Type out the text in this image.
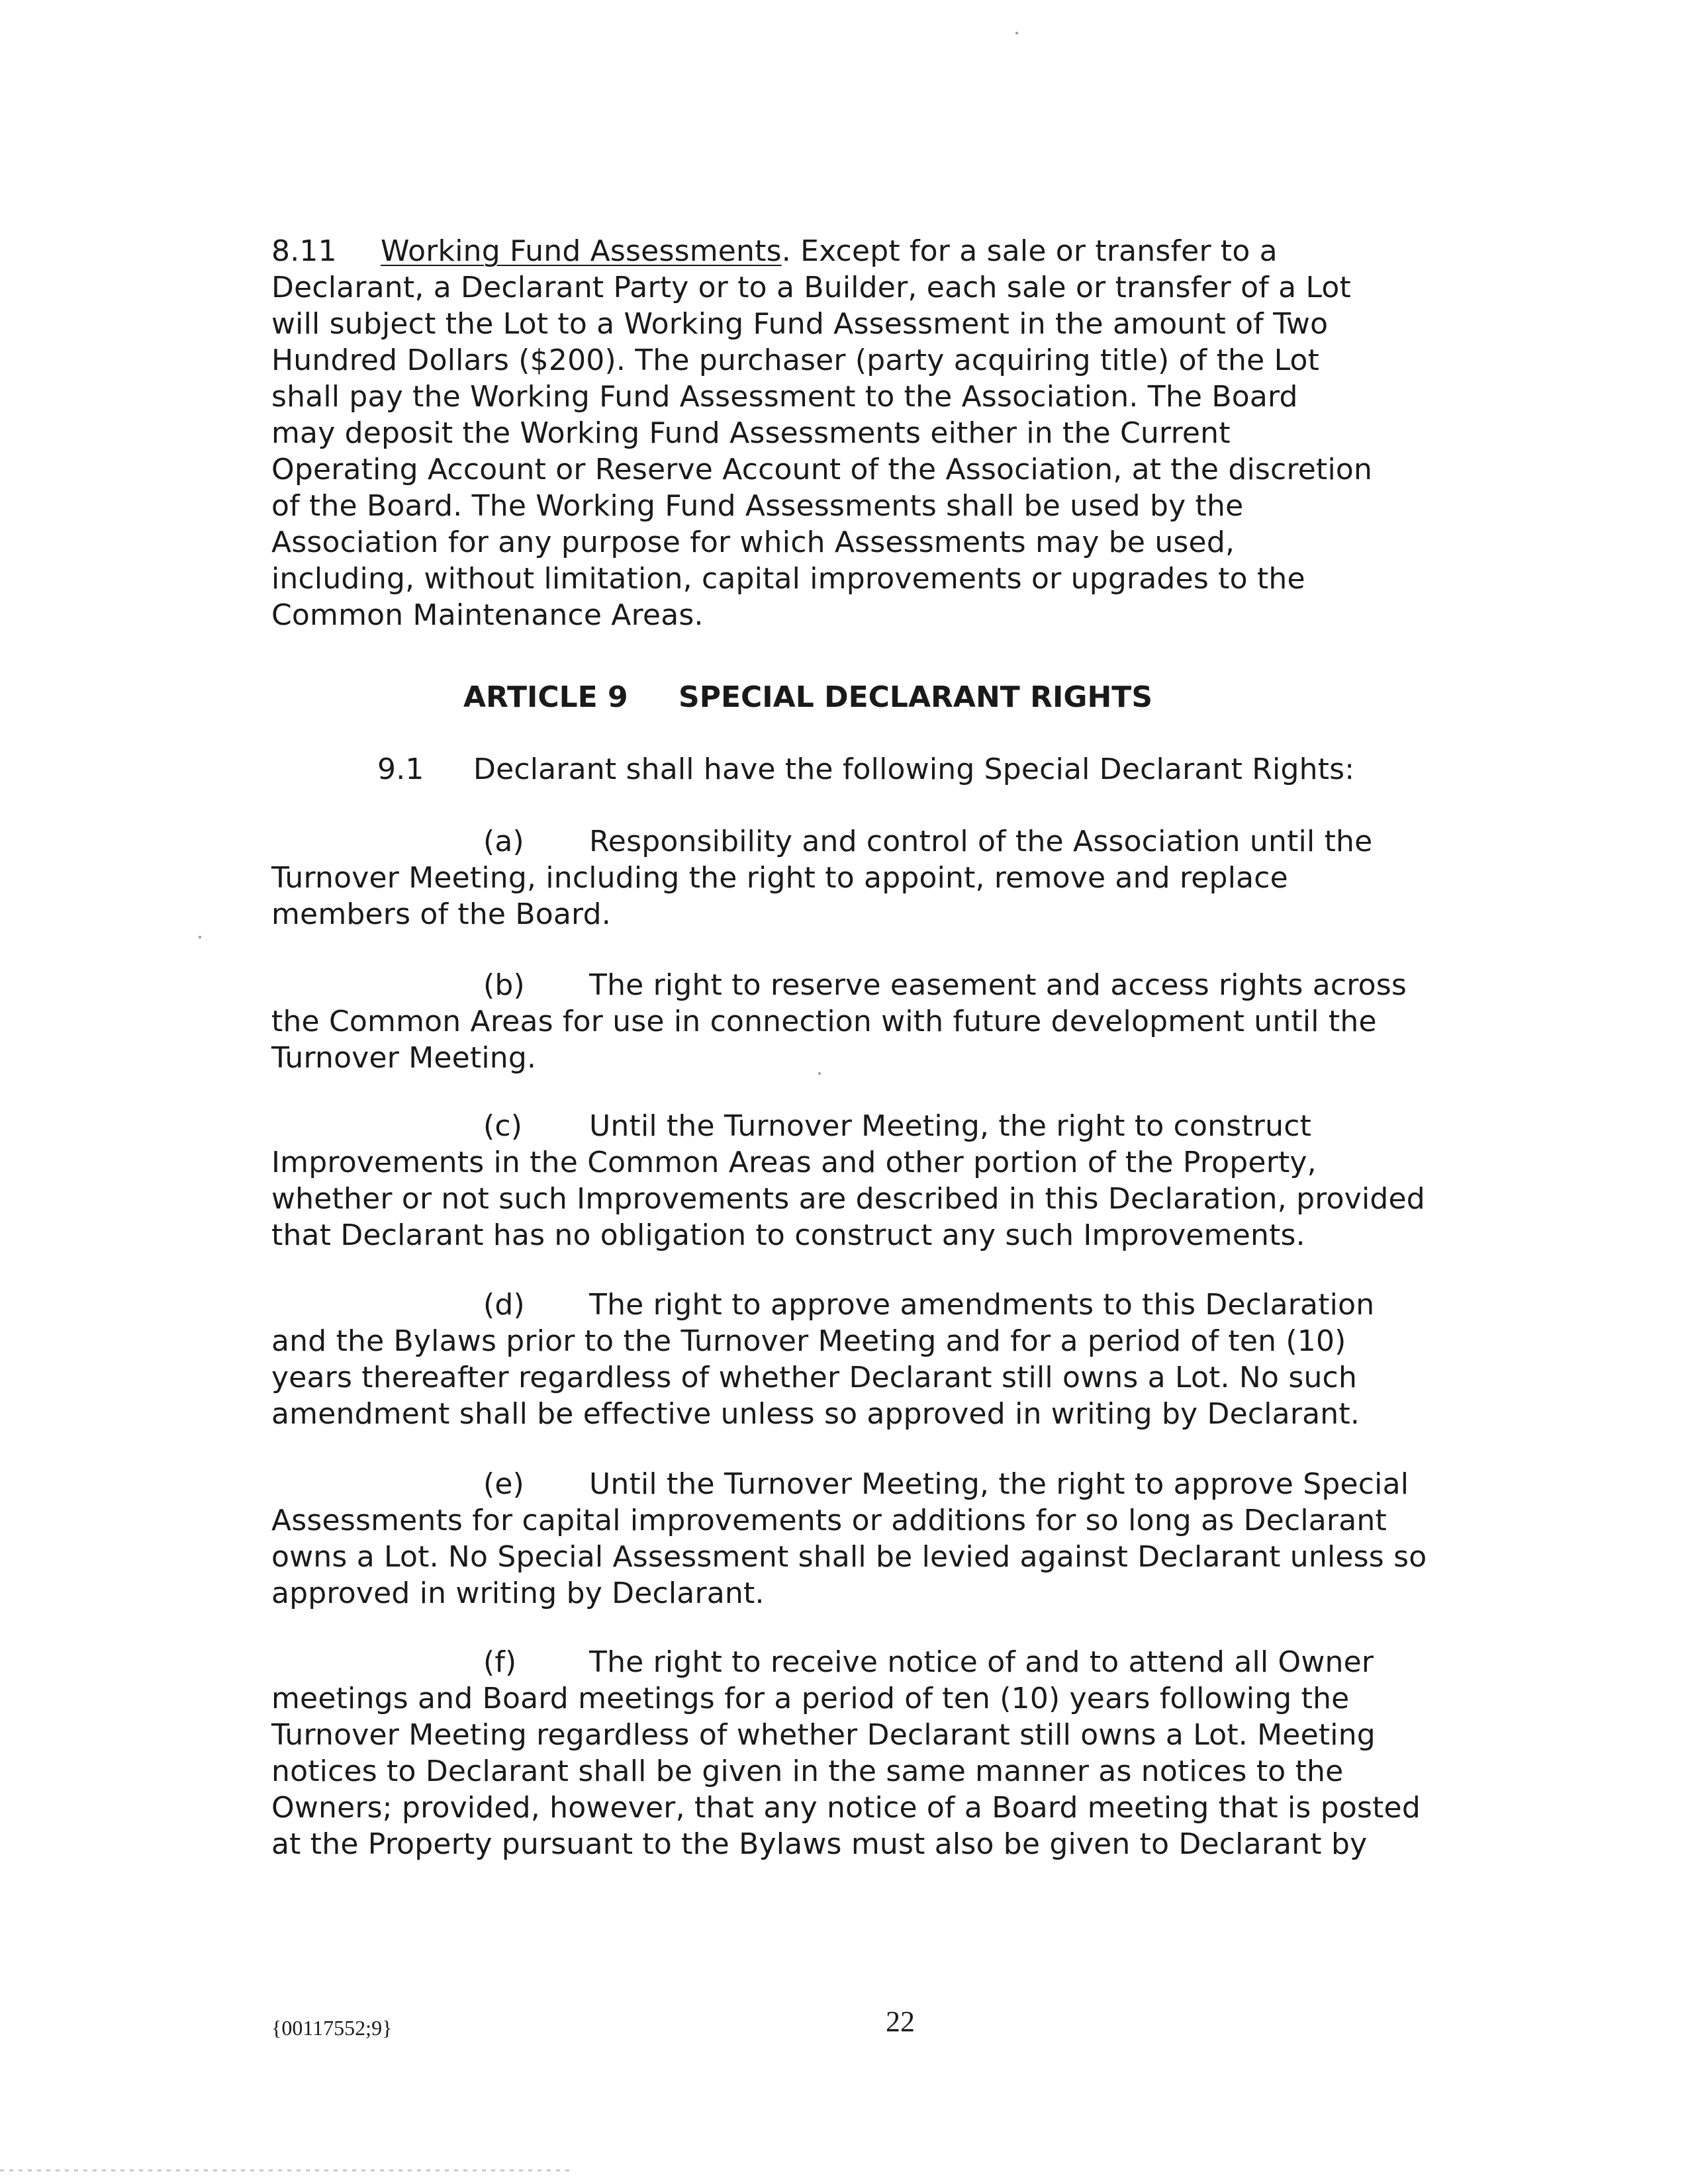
8.11 Working Fund Assessments. Except for a sale or transfer to a
Declarant, a Declarant Party or to a Builder, each sale or transfer of a Lot
will subject the Lot to a Working Fund Assessment in the amount of Two
Hundred Dollars ($200). The purchaser (party acquiring title) of the Lot
shall pay the Working Fund Assessment to the Association. The Board
may deposit the Working Fund Assessments either in the Current
Operating Account or Reserve Account of the Association, at the discretion
of the Board. The Working Fund Assessments shall be used by the
Association for any purpose for which Assessments may be used,
including, without limitation, capital improvements or upgrades to the
Common Maintenance Areas.
ARTICLE 9 SPECIAL DECLARANT RIGHTS
9.1 Declarant shall have the following Special Declarant Rights:
(a) Responsibility and control of the Association until the
Turnover Meeting, including the right to appoint, remove and replace
members of the Board.
(b) The right to reserve easement and access rights across
the Common Areas for use in connection with future development until the
Turnover Meeting.
(c) Until the Turnover Meeting, the right to construct
Improvements in the Common Areas and other portion of the Property,
whether or not such Improvements are described in this Declaration, provided
that Declarant has no obligation to construct any such Improvements.
(d) The right to approve amendments to this Declaration
and the Bylaws prior to the Turnover Meeting and for a period of ten (10)
years thereafter regardless of whether Declarant still owns a Lot. No such
amendment shall be effective unless so approved in writing by Declarant.
(e) Until the Turnover Meeting, the right to approve Special
Assessments for capital improvements or additions for so long as Declarant
owns a Lot. No Special Assessment shall be levied against Declarant unless so
approved in writing by Declarant.
(f) The right to receive notice of and to attend all Owner
meetings and Board meetings for a period of ten (10) years following the
Turnover Meeting regardless of whether Declarant still owns a Lot. Meeting
notices to Declarant shall be given in the same manner as notices to the
Owners; provided, however, that any notice of a Board meeting that is posted
at the Property pursuant to the Bylaws must also be given to Declarant by
{00117552;9}	22
